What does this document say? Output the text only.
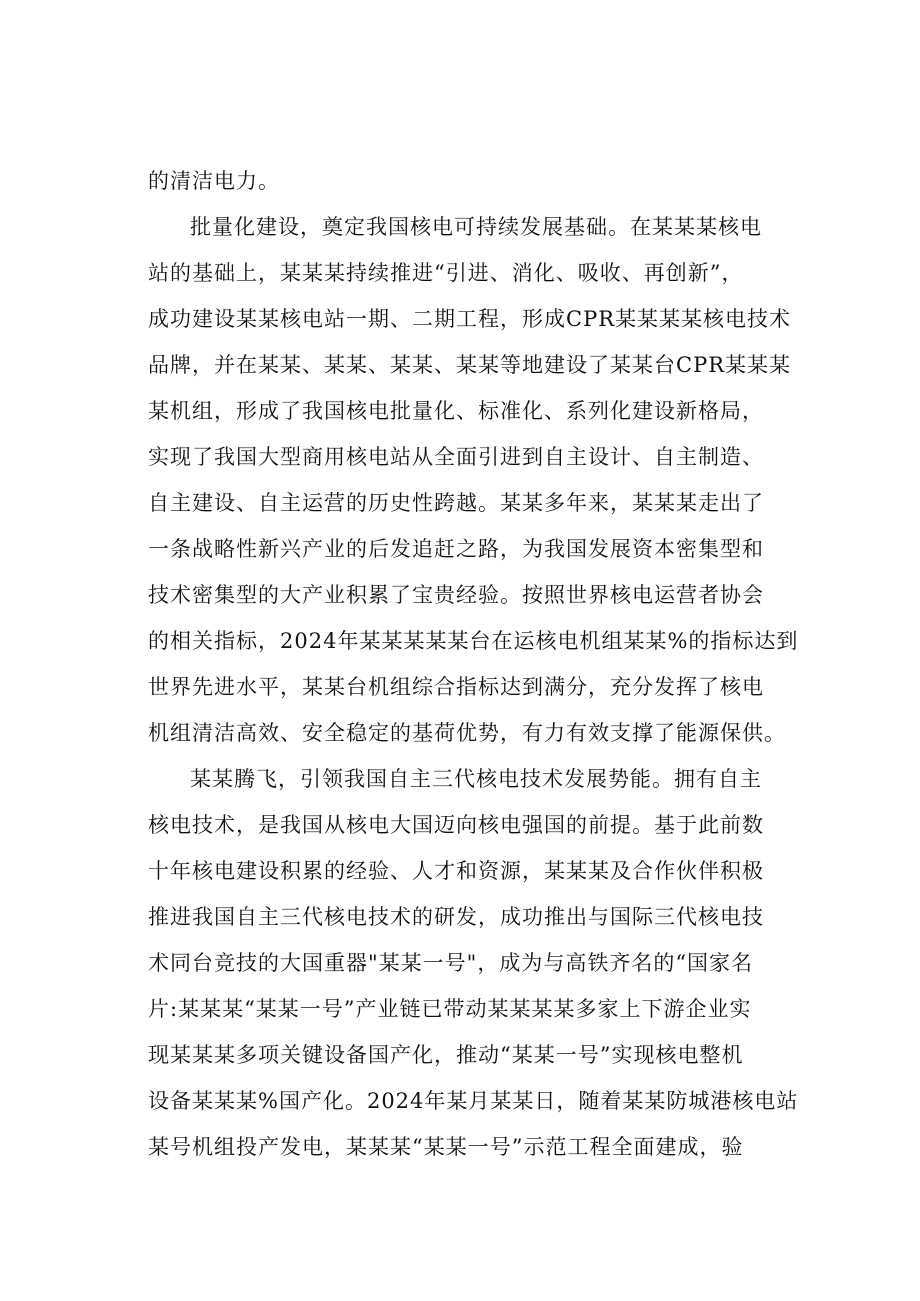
的清洁电力。
批量化建设，奠定我国核电可持续发展基础。在某某某核电
站的基础上，某某某持续推进“引进、消化、吸收、再创新”，
成功建设某某核电站一期、二期工程，形成CPR某某某某核电技术
品牌，并在某某、某某、某某、某某等地建设了某某台CPR某某某
某机组，形成了我国核电批量化、标准化、系列化建设新格局，
实现了我国大型商用核电站从全面引进到自主设计、自主制造、
自主建设、自主运营的历史性跨越。某某多年来，某某某走出了
一条战略性新兴产业的后发追赶之路，为我国发展资本密集型和
技术密集型的大产业积累了宝贵经验。按照世界核电运营者协会
的相关指标，2024年某某某某某台在运核电机组某某%的指标达到
世界先进水平，某某台机组综合指标达到满分，充分发挥了核电
机组清洁高效、安全稳定的基荷优势，有力有效支撑了能源保供。
某某腾飞，引领我国自主三代核电技术发展势能。拥有自主
核电技术，是我国从核电大国迈向核电强国的前提。基于此前数
十年核电建设积累的经验、人才和资源，某某某及合作伙伴积极
推进我国自主三代核电技术的研发，成功推出与国际三代核电技
术同台竞技的大国重器"某某一号"，成为与高铁齐名的“国家名
片:某某某“某某一号”产业链已带动某某某某多家上下游企业实
现某某某多项关键设备国产化，推动“某某一号”实现核电整机
设备某某某%国产化。2024年某月某某日，随着某某防城港核电站
某号机组投产发电，某某某“某某一号”示范工程全面建成，验
